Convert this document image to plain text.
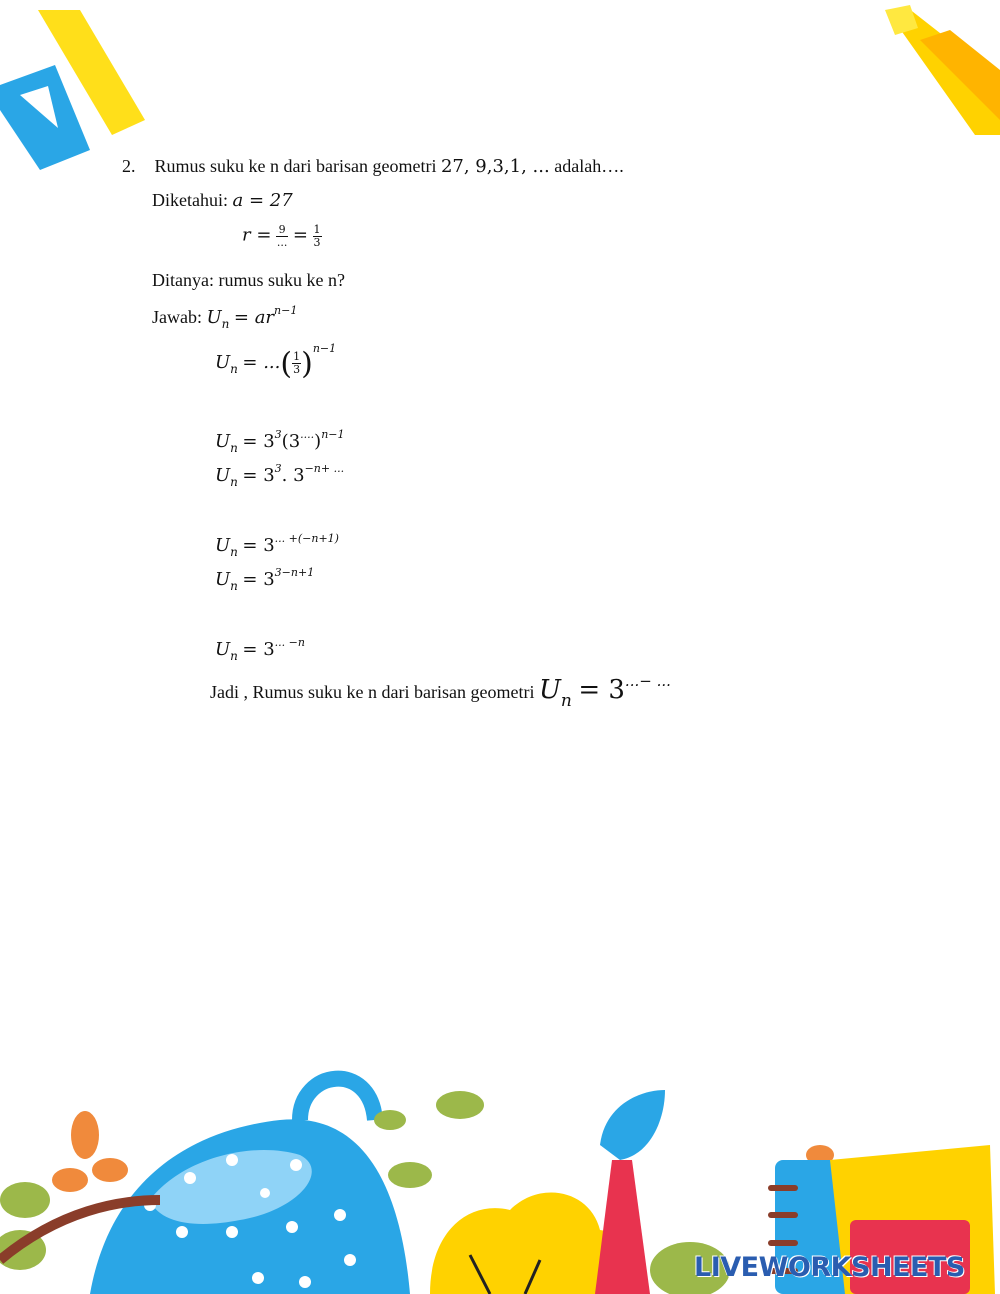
2. Rumus suku ke n dari barisan geometri 27, 9,3,1, ... adalah….
Diketahui: a = 27
$r = \frac{9}{...} = \frac{1}{3}$
Ditanya: rumus suku ke n?
Jawab: $U_n = ar^{n-1}$
$U_n$ = ...( $\frac{1}{3} )^{n-1}$
$U_n = 3^3(3^{....})^{n-1}$
$U_n = 3^3$. $3^{-n+ ...}$
$U_n = 3^{... +(-n+1)}$
$U_n = 3^{3-n+1}$
$U_n = 3^{... -n}$
Jadi , Rumus suku ke n dari barisan geometri $U_n = 3^{...- ...}$
LIVEWORKSHEETS
